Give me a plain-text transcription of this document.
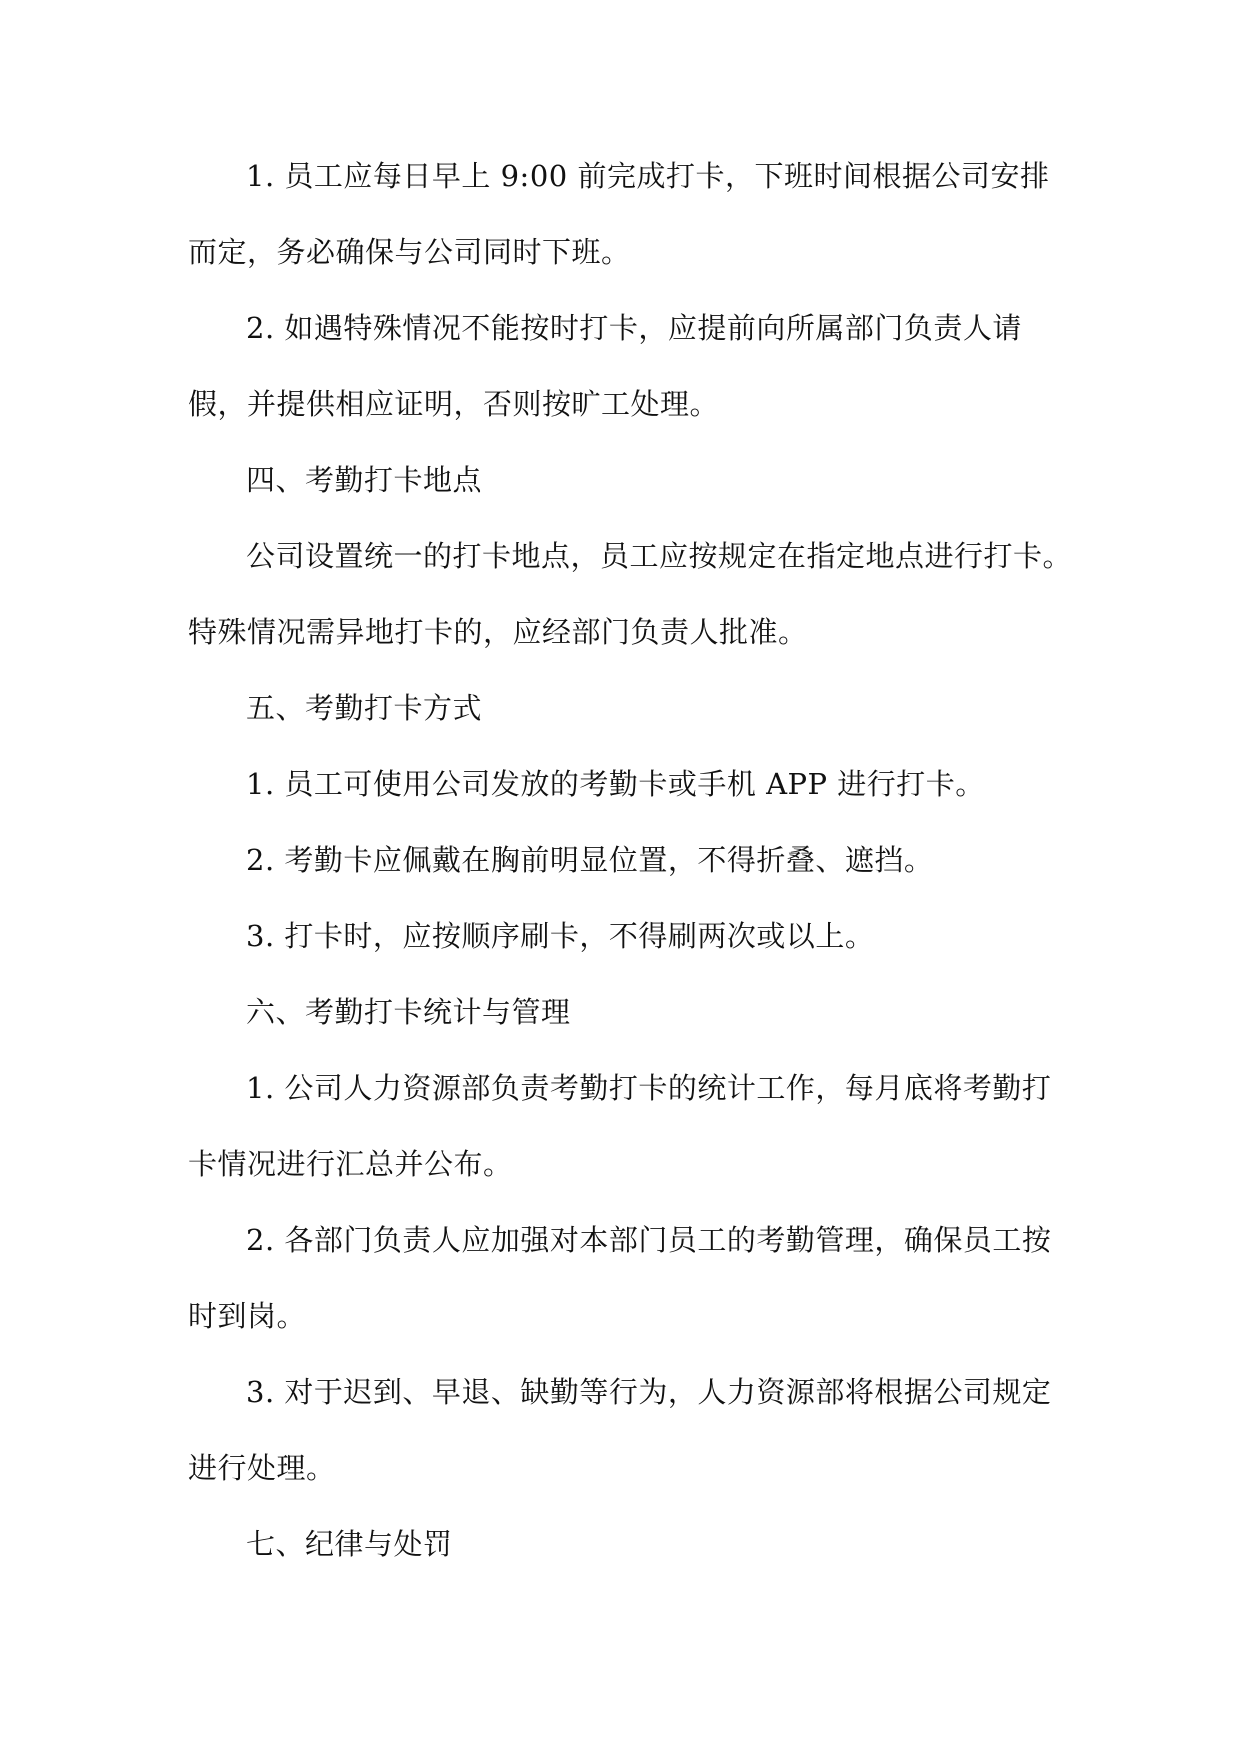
1. 员工应每日早上 9:00 前完成打卡，下班时间根据公司安排而定，务必确保与公司同时下班。

2. 如遇特殊情况不能按时打卡，应提前向所属部门负责人请假，并提供相应证明，否则按旷工处理。

四、考勤打卡地点

公司设置统一的打卡地点，员工应按规定在指定地点进行打卡。特殊情况需异地打卡的，应经部门负责人批准。

五、考勤打卡方式

1. 员工可使用公司发放的考勤卡或手机 APP 进行打卡。

2. 考勤卡应佩戴在胸前明显位置，不得折叠、遮挡。

3. 打卡时，应按顺序刷卡，不得刷两次或以上。

六、考勤打卡统计与管理

1. 公司人力资源部负责考勤打卡的统计工作，每月底将考勤打卡情况进行汇总并公布。

2. 各部门负责人应加强对本部门员工的考勤管理，确保员工按时到岗。

3. 对于迟到、早退、缺勤等行为，人力资源部将根据公司规定进行处理。

七、纪律与处罚
